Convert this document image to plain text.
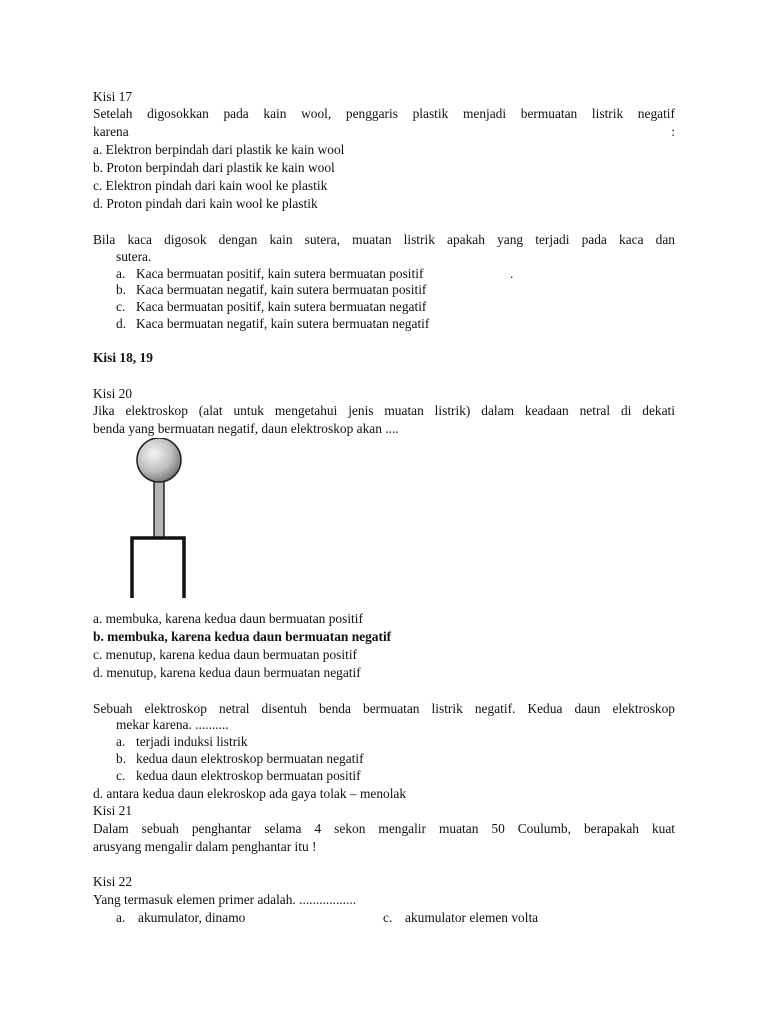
Kisi 17
Setelah digosokkan pada kain wool, penggaris plastik menjadi bermuatan listrik negatif
karena	:
a. Elektron berpindah dari plastik ke kain wool
b. Proton berpindah dari plastik ke kain wool
c. Elektron pindah dari kain wool ke plastik
d. Proton pindah dari kain wool ke plastik
Bila kaca digosok dengan kain sutera, muatan listrik apakah yang terjadi pada kaca dan
sutera.
a. Kaca bermuatan positif, kain sutera bermuatan positif	.
b. Kaca bermuatan negatif, kain sutera bermuatan positif
c. Kaca bermuatan positif, kain sutera bermuatan negatif
d. Kaca bermuatan negatif, kain sutera bermuatan negatif
Kisi 18, 19
Kisi 20
Jika elektroskop (alat untuk mengetahui jenis muatan listrik) dalam keadaan netral di dekati
benda yang bermuatan negatif, daun elektroskop akan ....
a. membuka, karena kedua daun bermuatan positif
b. membuka, karena kedua daun bermuatan negatif
c. menutup, karena kedua daun bermuatan positif
d. menutup, karena kedua daun bermuatan negatif
Sebuah elektroskop netral disentuh benda bermuatan listrik negatif. Kedua daun elektroskop
mekar karena. ..........
a. terjadi induksi listrik
b. kedua daun elektroskop bermuatan negatif
c. kedua daun elektroskop bermuatan positif
d. antara kedua daun elekroskop ada gaya tolak – menolak
Kisi 21
Dalam sebuah penghantar selama 4 sekon mengalir muatan 50 Coulumb, berapakah kuat
arusyang mengalir dalam penghantar itu !
Kisi 22
Yang termasuk elemen primer adalah. .................
a. akumulator, dinamo	c. akumulator elemen volta
